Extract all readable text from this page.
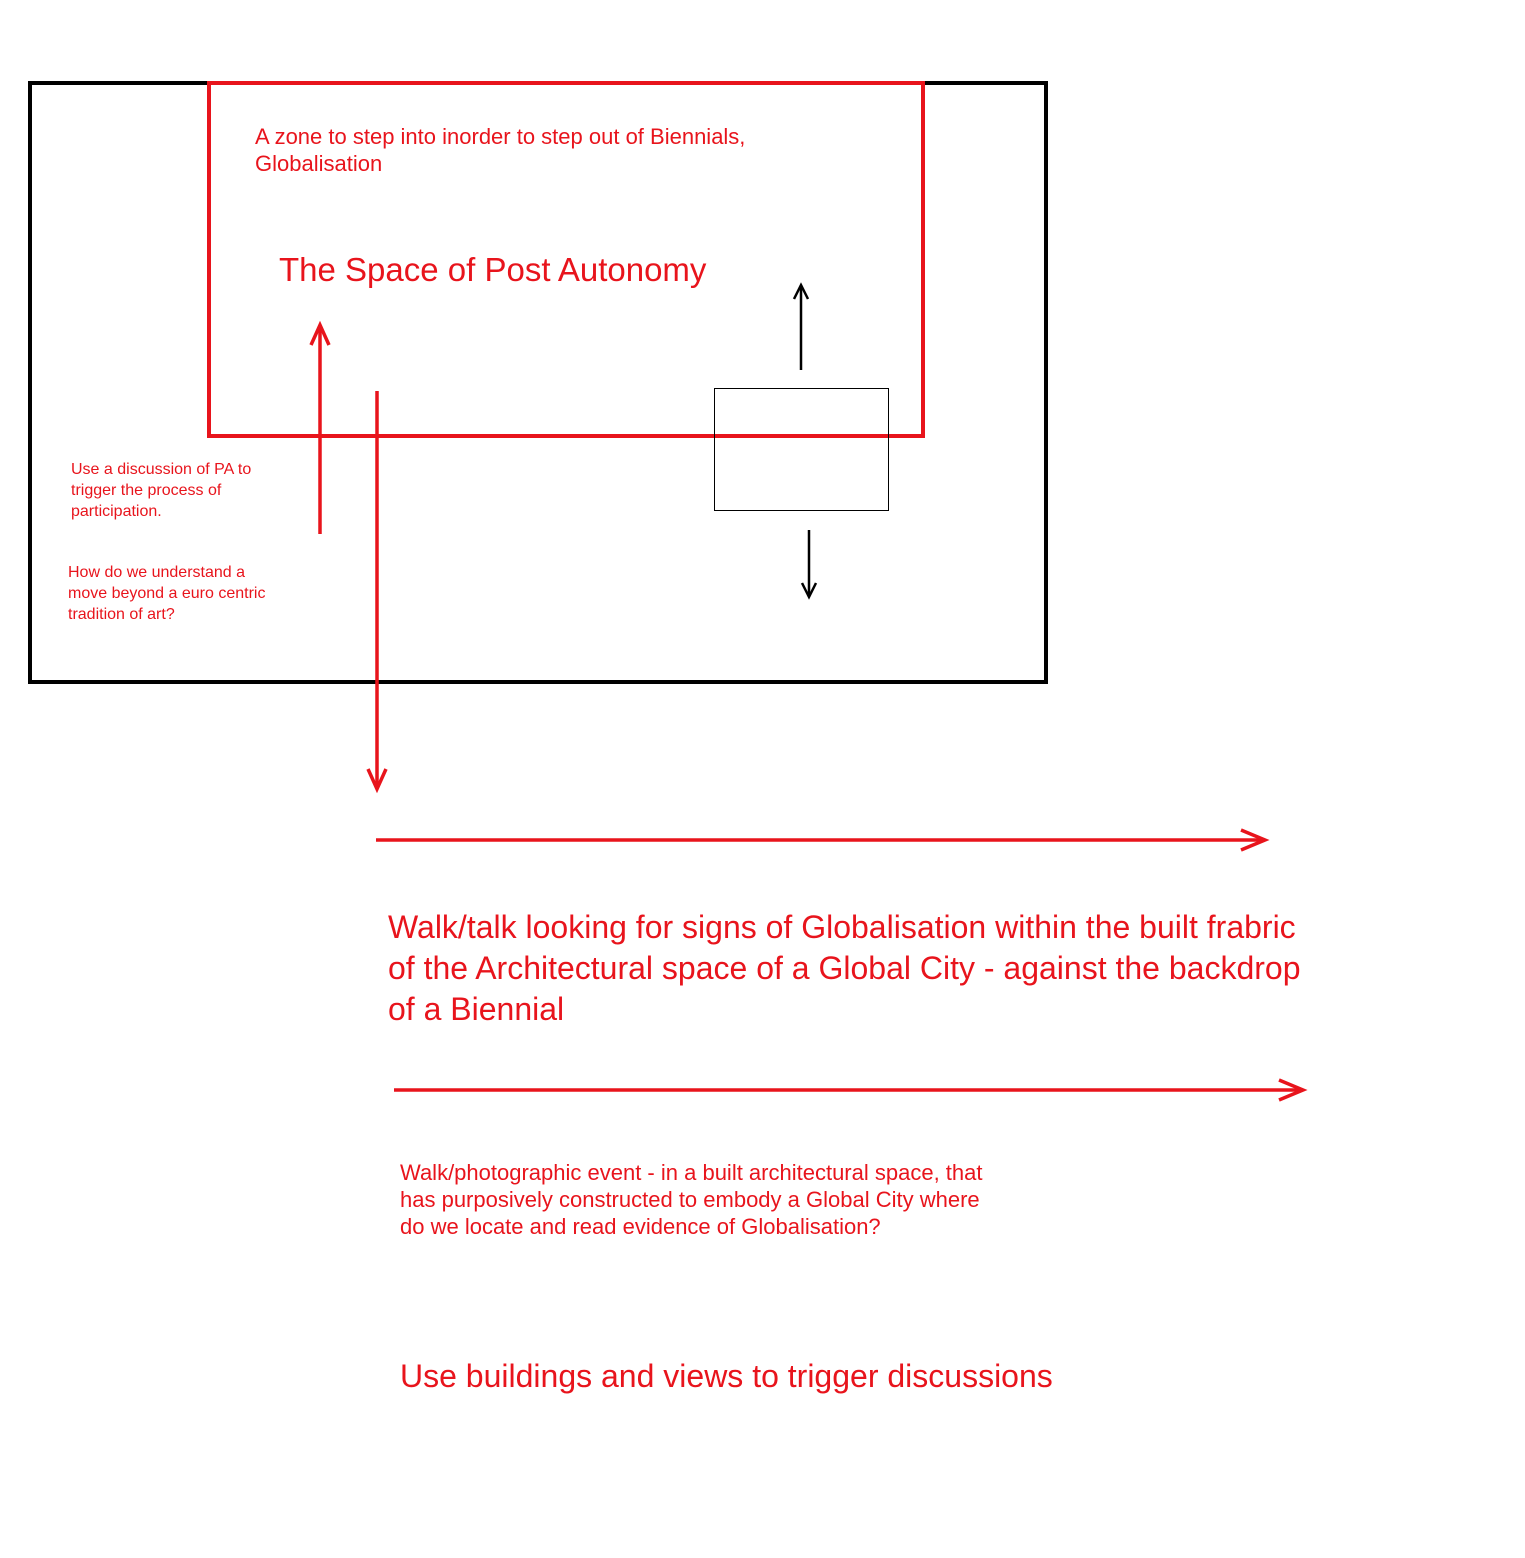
A zone to step into inorder to step out of Biennials,
Globalisation

The Space of Post Autonomy

Use a discussion of PA to
trigger the process of
participation.

How do we understand a
move beyond a euro centric
tradition of art?

Walk/talk looking for signs of Globalisation within the built frabric
of the Architectural space of a Global City - against the backdrop
of a Biennial

Walk/photographic event - in a built architectural space, that
has purposively constructed to embody a Global City where
do we locate and read evidence of Globalisation?

Use buildings and views to trigger discussions
